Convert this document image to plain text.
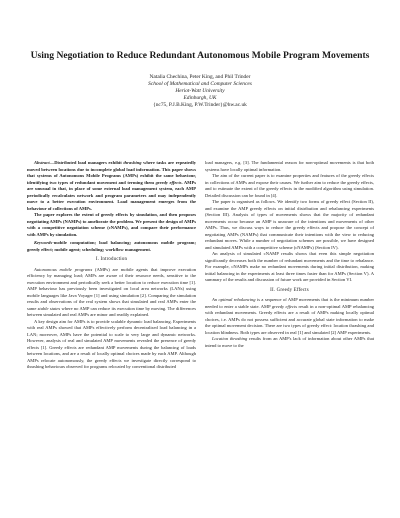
Using Negotiation to Reduce Redundant Autonomous Mobile Program Movements
Natalia Chechina, Peter King, and Phil Trinder
School of Mathematical and Computer Sciences
Heriot-Watt University
Edinburgh, UK
{nc75, P.J.B.King, P.W.Trinder}@hw.ac.uk

Abstract—Distributed load managers exhibit thrashing where tasks are repeatedly moved between locations due to incomplete global load information. This paper shows that systems of Autonomous Mobile Programs (AMPs) exhibit the same behaviour, identifying two types of redundant movement and terming them greedy effects. AMPs are unusual in that, in place of some external load management system, each AMP periodically recalculates network and program parameters and may independently move to a better execution environment. Load management emerges from the behaviour of collections of AMPs.

The paper explores the extent of greedy effects by simulation, and then proposes negotiating AMPs (NAMPs) to ameliorate the problem. We present the design of AMPs with a competitive negotiation scheme (cNAMPs), and compare their performance with AMPs by simulation.

Keywords-mobile computation; load balancing; autonomous mobile program; greedy effect; mobile agent; scheduling; workflow management.

I. Introduction

Autonomous mobile programs (AMPs) are mobile agents that improve execution efficiency by managing load; AMPs are aware of their resource needs, sensitive to the execution environment and periodically seek a better location to reduce execution time [1]. AMP behaviour has previously been investigated on local area networks (LANs) using mobile languages like Java Voyager [1] and using simulation [2]. Comparing the simulation results and observations of the real system shows that simulated and real AMPs enter the same stable states where no AMP can reduce its execution time by moving. The differences between simulated and real AMPs are minor and readily explained.

A key design aim for AMPs is to provide scalable dynamic load balancing. Experiments with real AMPs showed that AMPs effectively perform decentralised load balancing in a LAN; moreover, AMPs have the potential to scale to very large and dynamic networks. However, analysis of real and simulated AMP movements revealed the presence of greedy effects [1]. Greedy effects are redundant AMP movements during the balancing of loads between locations, and are a result of locally optimal choices made by each AMP. Although AMPs relocate autonomously, the greedy effects we investigate directly correspond to thrashing behaviours observed for programs relocated by conventional distributed

load managers, e.g. [3]. The fundamental reason for non-optimal movements is that both systems have locally optimal information.

The aim of the current paper is to examine properties and features of the greedy effects in collections of AMPs and expose their causes. We further aim to reduce the greedy effects, and to estimate the extent of the greedy effects in the modified algorithm using simulation. Detailed discussion can be found in [4].

The paper is organised as follows. We identify two forms of greedy effect (Section II), and examine the AMP greedy effects on initial distribution and rebalancing experiments (Section III). Analysis of types of movements shows that the majority of redundant movements occur because an AMP is unaware of the intentions and movements of other AMPs. Thus, we discuss ways to reduce the greedy effects and propose the concept of negotiating AMPs (NAMPs) that communicate their intentions with the view to reducing redundant moves. While a number of negotiation schemes are possible, we have designed and simulated AMPs with a competitive scheme (cNAMPs) (Section IV).

An analysis of simulated cNAMP results shows that even this simple negotiation significantly decreases both the number of redundant movements and the time to rebalance. For example, cNAMPs make no redundant movements during initial distribution, making initial balancing in the experiments at least three times faster than for AMPs (Section V). A summary of the results and discussion of future work are provided in Section VI.

II. Greedy Effects

An optimal rebalancing is a sequence of AMP movements that is the minimum number needed to enter a stable state. AMP greedy effects result in a non-optimal AMP rebalancing with redundant movements. Greedy effects are a result of AMPs making locally optimal choices, i.e. AMPs do not possess sufficient and accurate global state information to make the optimal movement decision. There are two types of greedy effect: location thrashing and location blindness. Both types are observed in real [1] and simulated [2] AMP experiments.

Location thrashing results from an AMP's lack of information about other AMPs that intend to move to the
